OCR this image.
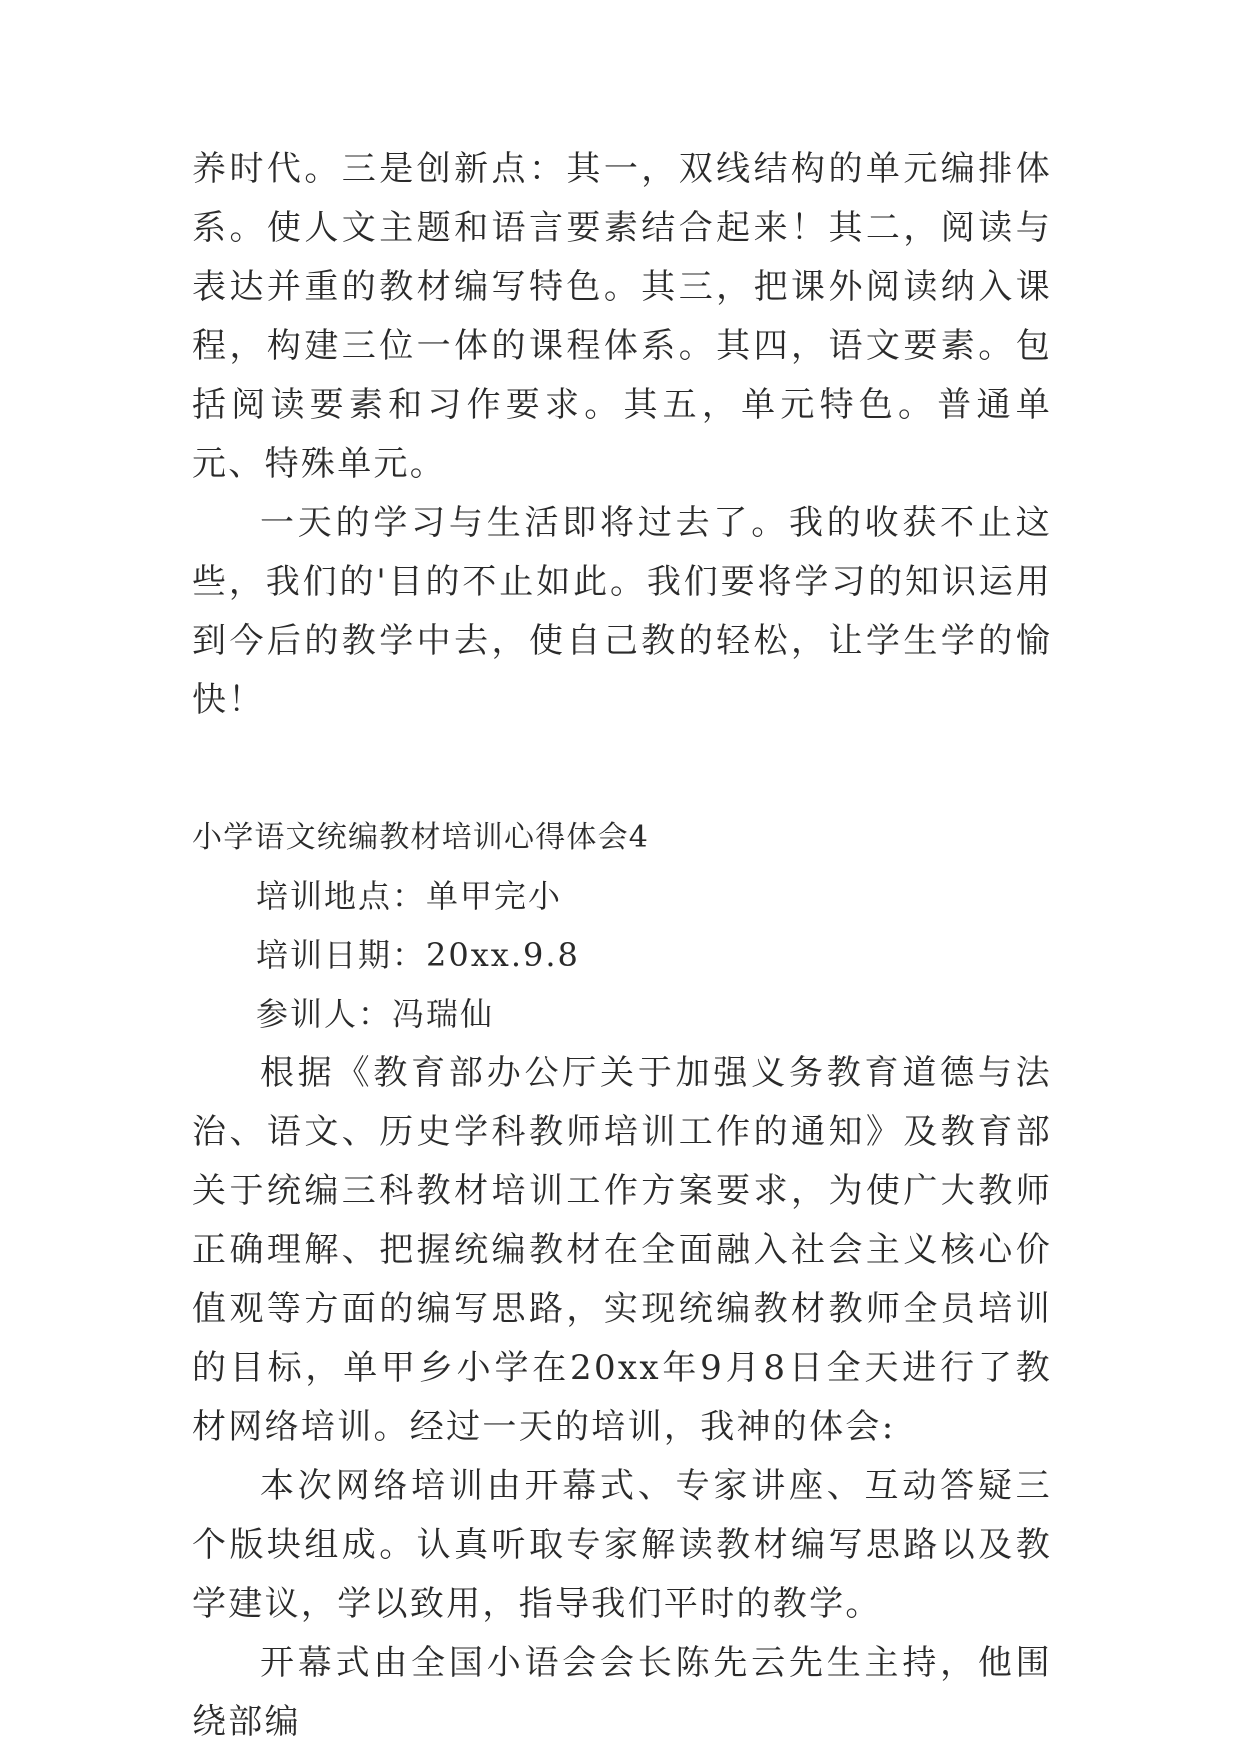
养时代。三是创新点：其一，双线结构的单元编排体系。使人文主题和语言要素结合起来！其二，阅读与表达并重的教材编写特色。其三，把课外阅读纳入课程，构建三位一体的课程体系。其四，语文要素。包括阅读要素和习作要求。其五，单元特色。普通单元、特殊单元。

一天的学习与生活即将过去了。我的收获不止这些，我们的'目的不止如此。我们要将学习的知识运用到今后的教学中去，使自己教的轻松，让学生学的愉快！

小学语文统编教材培训心得体会4

培训地点：单甲完小

培训日期：20xx.9.8

参训人：冯瑞仙

根据《教育部办公厅关于加强义务教育道德与法治、语文、历史学科教师培训工作的通知》及教育部关于统编三科教材培训工作方案要求，为使广大教师正确理解、把握统编教材在全面融入社会主义核心价值观等方面的编写思路，实现统编教材教师全员培训的目标，单甲乡小学在20xx年9月8日全天进行了教材网络培训。经过一天的培训，我神的体会:

本次网络培训由开幕式、专家讲座、互动答疑三个版块组成。认真听取专家解读教材编写思路以及教学建议，学以致用，指导我们平时的教学。

开幕式由全国小语会会长陈先云先生主持，他围绕部编
